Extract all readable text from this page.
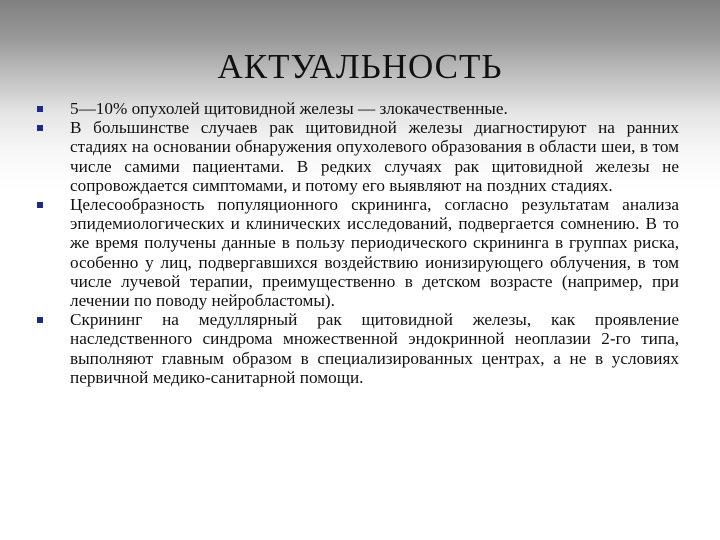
АКТУАЛЬНОСТЬ
5—10% опухолей щитовидной железы — злокачественные.
В большинстве случаев рак щитовидной железы диагностируют на ранних стадиях на основании обнаружения опухолевого образования в области шеи, в том числе самими пациентами. В редких случаях рак щитовидной железы не сопровождается симптомами, и потому его выявляют на поздних стадиях.
Целесообразность популяционного скрининга, согласно результатам анализа эпидемиологических и клинических исследований, подвергается сомнению. В то же время получены данные в пользу периодического скрининга в группах риска, особенно у лиц, подвергавшихся воздействию ионизирующего облучения, в том числе лучевой терапии, преимущественно в детском возрасте (например, при лечении по поводу нейробластомы).
Скрининг на медуллярный рак щитовидной железы, как проявление наследственного синдрома множественной эндокринной неоплазии 2-го типа, выполняют главным образом в специализированных центрах, а не в условиях первичной медико-санитарной помощи.
